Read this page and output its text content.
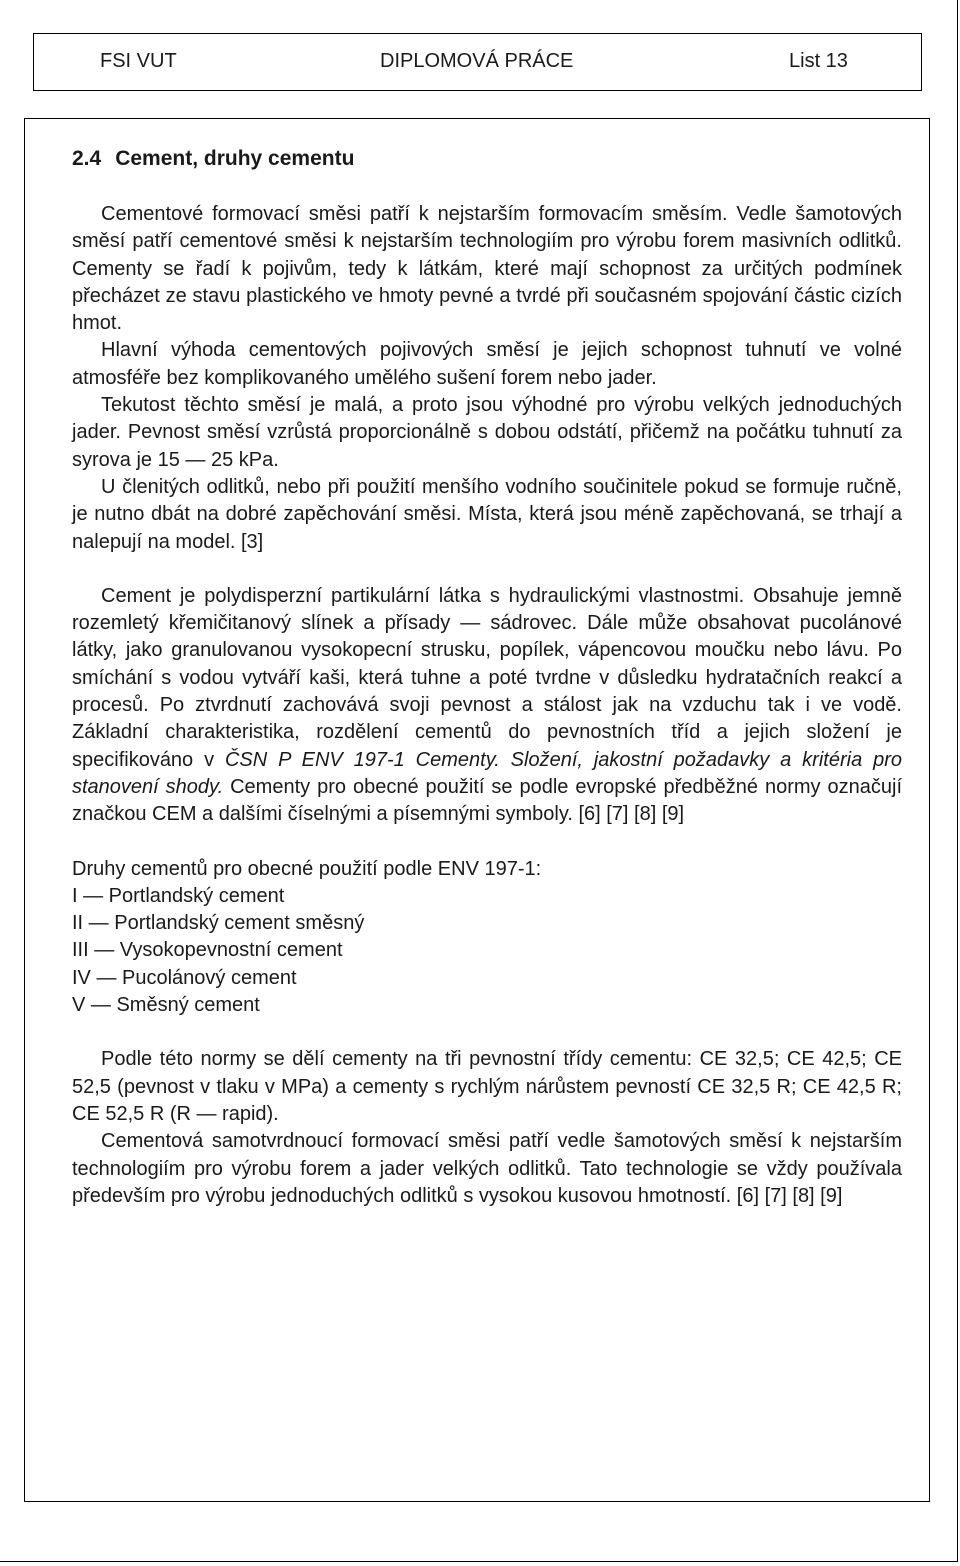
FSI VUT	DIPLOMOVÁ PRÁCE	List 13
2.4 Cement, druhy cementu

Cementové formovací směsi patří k nejstarším formovacím směsím. Vedle šamotových směsí patří cementové směsi k nejstarším technologiím pro výrobu forem masivních odlitků. Cementy se řadí k pojivům, tedy k látkám, které mají schopnost za určitých podmínek přecházet ze stavu plastického ve hmoty pevné a tvrdé při současném spojování částic cizích hmot.

Hlavní výhoda cementových pojivových směsí je jejich schopnost tuhnutí ve volné atmosféře bez komplikovaného umělého sušení forem nebo jader.

Tekutost těchto směsí je malá, a proto jsou výhodné pro výrobu velkých jednoduchých jader. Pevnost směsí vzrůstá proporcionálně s dobou odstátí, přičemž na počátku tuhnutí za syrova je 15 — 25 kPa.

U členitých odlitků, nebo při použití menšího vodního součinitele pokud se formuje ručně, je nutno dbát na dobré zapěchování směsi. Místa, která jsou méně zapěchovaná, se trhají a nalepují na model. [3]

Cement je polydisperzní partikulární látka s hydraulickými vlastnostmi. Obsahuje jemně rozemletý křemičitanový slínek a přísady — sádrovec. Dále může obsahovat pucolánové látky, jako granulovanou vysokopecní strusku, popílek, vápencovou moučku nebo lávu. Po smíchání s vodou vytváří kaši, která tuhne a poté tvrdne v důsledku hydratačních reakcí a procesů. Po ztvrdnutí zachovává svoji pevnost a stálost jak na vzduchu tak i ve vodě. Základní charakteristika, rozdělení cementů do pevnostních tříd a jejich složení je specifikováno v ČSN P ENV 197-1 Cementy. Složení, jakostní požadavky a kritéria pro stanovení shody. Cementy pro obecné použití se podle evropské předběžné normy označují značkou CEM a dalšími číselnými a písemnými symboly. [6] [7] [8] [9]

Druhy cementů pro obecné použití podle ENV 197-1:
I — Portlandský cement
II — Portlandský cement směsný
III — Vysokopevnostní cement
IV — Pucolánový cement
V — Směsný cement

Podle této normy se dělí cementy na tři pevnostní třídy cementu: CE 32,5; CE 42,5; CE 52,5 (pevnost v tlaku v MPa) a cementy s rychlým nárůstem pevností CE 32,5 R; CE 42,5 R; CE 52,5 R (R — rapid).

Cementová samotvrdnoucí formovací směsi patří vedle šamotových směsí k nejstarším technologiím pro výrobu forem a jader velkých odlitků. Tato technologie se vždy používala především pro výrobu jednoduchých odlitků s vysokou kusovou hmotností. [6] [7] [8] [9]
